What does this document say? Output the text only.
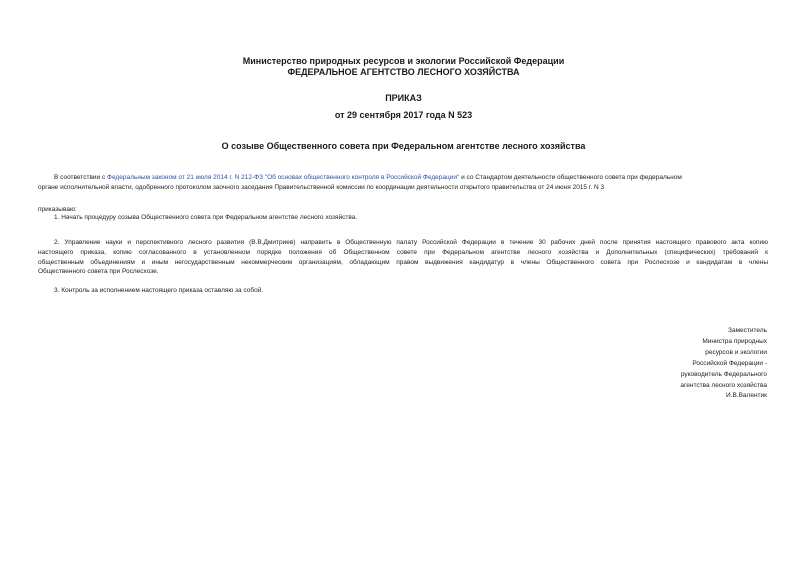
Министерство природных ресурсов и экологии Российской Федерации
ФЕДЕРАЛЬНОЕ АГЕНТСТВО ЛЕСНОГО ХОЗЯЙСТВА
ПРИКАЗ
от 29 сентября 2017 года N 523
О созыве Общественного совета при Федеральном агентстве лесного хозяйства
В соответствии с Федеральным законом от 21 июля 2014 г. N 212-ФЗ "Об основах общественного контроля в Российской Федерации" и со Стандартом деятельности общественного совета при федеральном
органе исполнительной власти, одобренного протоколом заочного заседания Правительственной комиссии по координации деятельности открытого правительства от 24 июня 2015 г. N 3
приказываю:
1. Начать процедуру созыва Общественного совета при Федеральном агентстве лесного хозяйства.
2. Управление науки и перспективного лесного развития (В.В.Дмитриев) направить в Общественную палату Российской Федерации в течение 30 рабочих дней после принятия настоящего правового акта копию
настоящего приказа, копию согласованного в установленном порядке положения об Общественном совете при Федеральном агентстве лесного хозяйства и Дополнительных (специфических) требований к
общественным объединениям и иным негосударственным некоммерческим организациям, обладающим правом выдвижения кандидатур в члены Общественного совета при Рослесхозе и кандидатам в члены
Общественного совета при Рослесхозе.
3. Контроль за исполнением настоящего приказа оставляю за собой.
Заместитель
Министра природных
ресурсов и экологии
Российской Федерации -
руководитель Федерального
агентства лесного хозяйства
И.В.Валентик
